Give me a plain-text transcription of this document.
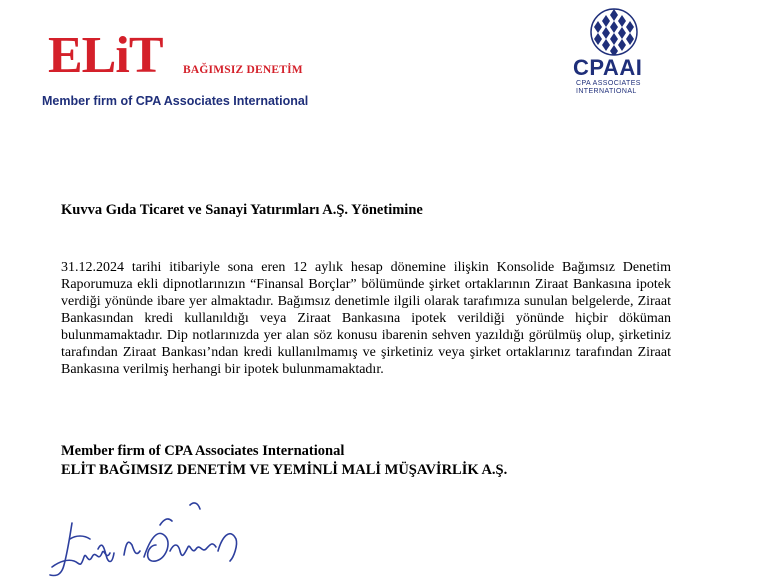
ELiT BAĞIMSIZ DENETİM
Member firm of CPA Associates International
CPAAI
CPA ASSOCIATES
INTERNATIONAL
Kuvva Gıda Ticaret ve Sanayi Yatırımları A.Ş. Yönetimine
31.12.2024 tarihi itibariyle sona eren 12 aylık hesap dönemine ilişkin Konsolide Bağımsız Denetim Raporumuza ekli dipnotlarınızın “Finansal Borçlar” bölümünde şirket ortaklarının Ziraat Bankasına ipotek verdiği yönünde ibare yer almaktadır. Bağımsız denetimle ilgili olarak tarafımıza sunulan belgelerde, Ziraat Bankasından kredi kullanıldığı veya Ziraat Bankasına ipotek verildiği yönünde hiçbir döküman bulunmamaktadır. Dip notlarınızda yer alan söz konusu ibarenin sehven yazıldığı görülmüş olup, şirketiniz tarafından Ziraat Bankası’ndan kredi kullanılmamış ve şirketiniz veya şirket ortaklarınız tarafından Ziraat Bankasına verilmiş herhangi bir ipotek bulunmamaktadır.
Member firm of CPA Associates International
ELİT BAĞIMSIZ DENETİM VE YEMİNLİ MALİ MÜŞAVİRLİK A.Ş.
